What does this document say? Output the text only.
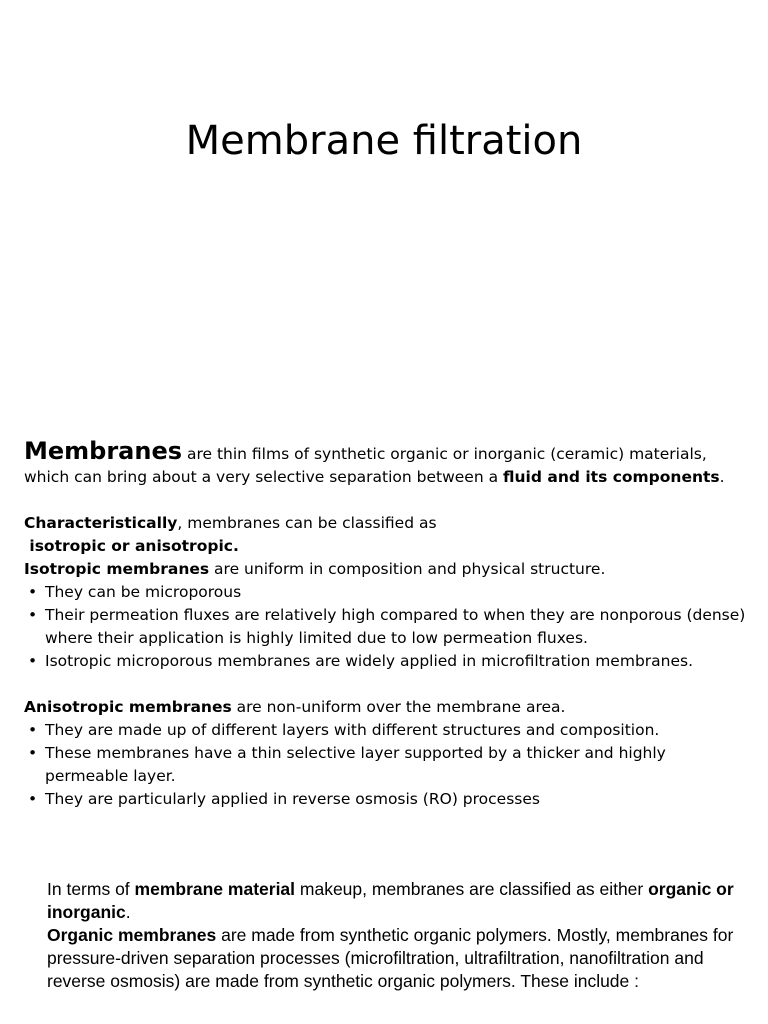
Membrane filtration

Membranes are thin films of synthetic organic or inorganic (ceramic) materials, which can bring about a very selective separation between a fluid and its components.

Characteristically, membranes can be classified as

isotropic or anisotropic.

Isotropic membranes are uniform in composition and physical structure.

• They can be microporous
• Their permeation fluxes are relatively high compared to when they are nonporous (dense) where their application is highly limited due to low permeation fluxes.
• Isotropic microporous membranes are widely applied in microfiltration membranes.

Anisotropic membranes are non-uniform over the membrane area.

• They are made up of different layers with different structures and composition.
• These membranes have a thin selective layer supported by a thicker and highly permeable layer.
• They are particularly applied in reverse osmosis (RO) processes

In terms of membrane material makeup, membranes are classified as either organic or inorganic.

Organic membranes are made from synthetic organic polymers. Mostly, membranes for pressure-driven separation processes (microfiltration, ultrafiltration, nanofiltration and reverse osmosis) are made from synthetic organic polymers. These include :
